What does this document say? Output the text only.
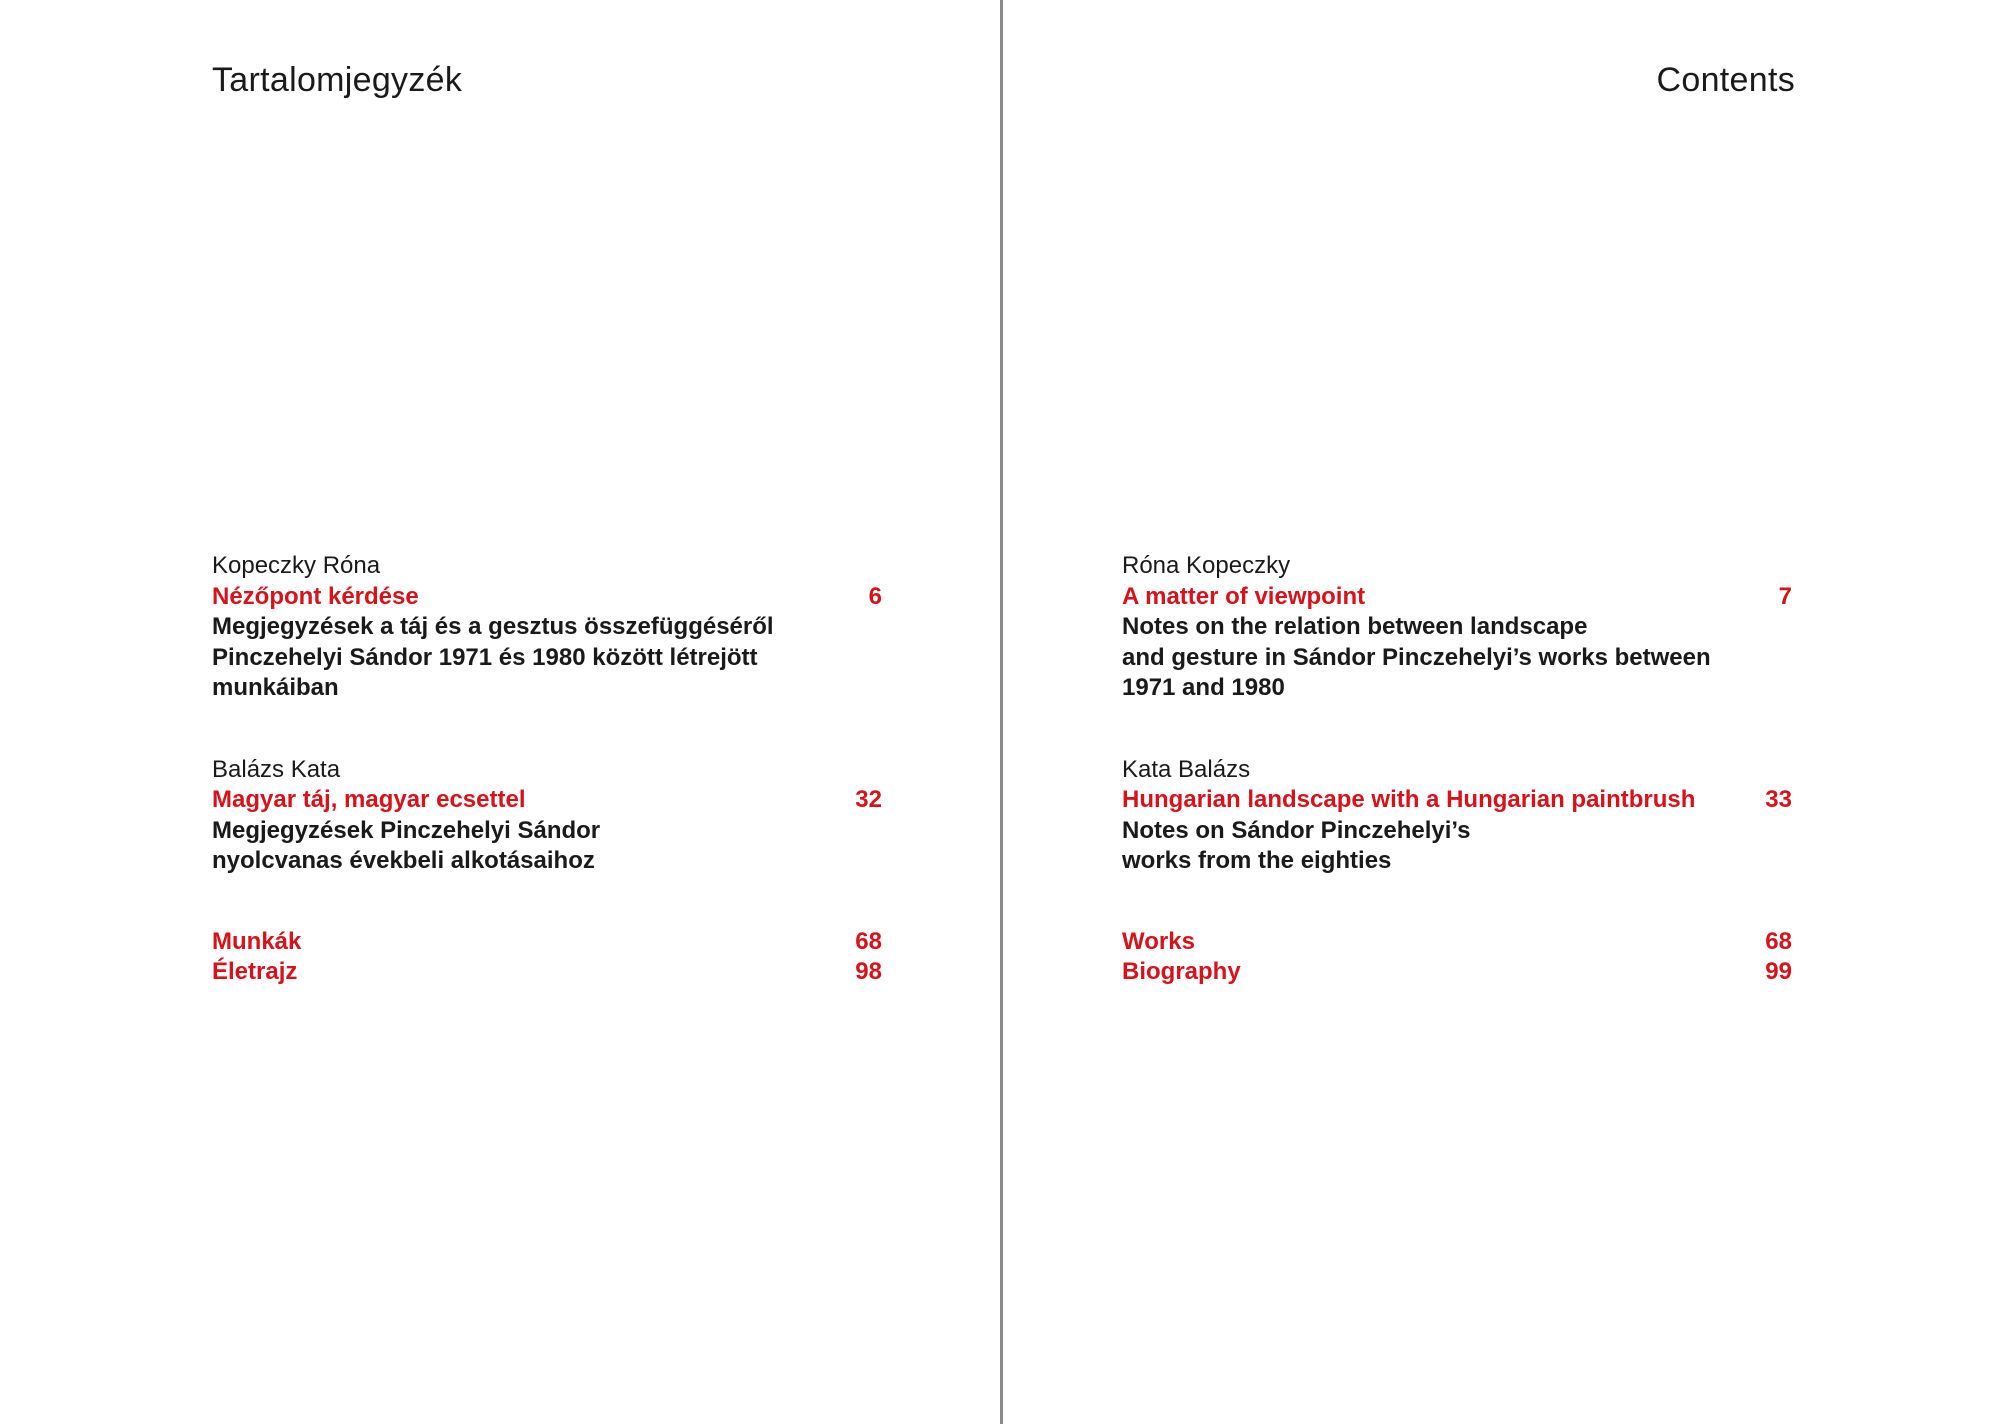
Tartalomjegyzék
Kopeczky Róna
Nézőpont kérdése	6
Megjegyzések a táj és a gesztus összefüggéséről
Pinczehelyi Sándor 1971 és 1980 között létrejött
munkáiban
Balázs Kata
Magyar táj, magyar ecsettel	32
Megjegyzések Pinczehelyi Sándor
nyolcvanas évekbeli alkotásaihoz
Munkák	68
Életrajz	98
Contents
Róna Kopeczky
A matter of viewpoint	7
Notes on the relation between landscape
and gesture in Sándor Pinczehelyi’s works between
1971 and 1980
Kata Balázs
Hungarian landscape with a Hungarian paintbrush	33
Notes on Sándor Pinczehelyi’s
works from the eighties
Works	68
Biography	99
